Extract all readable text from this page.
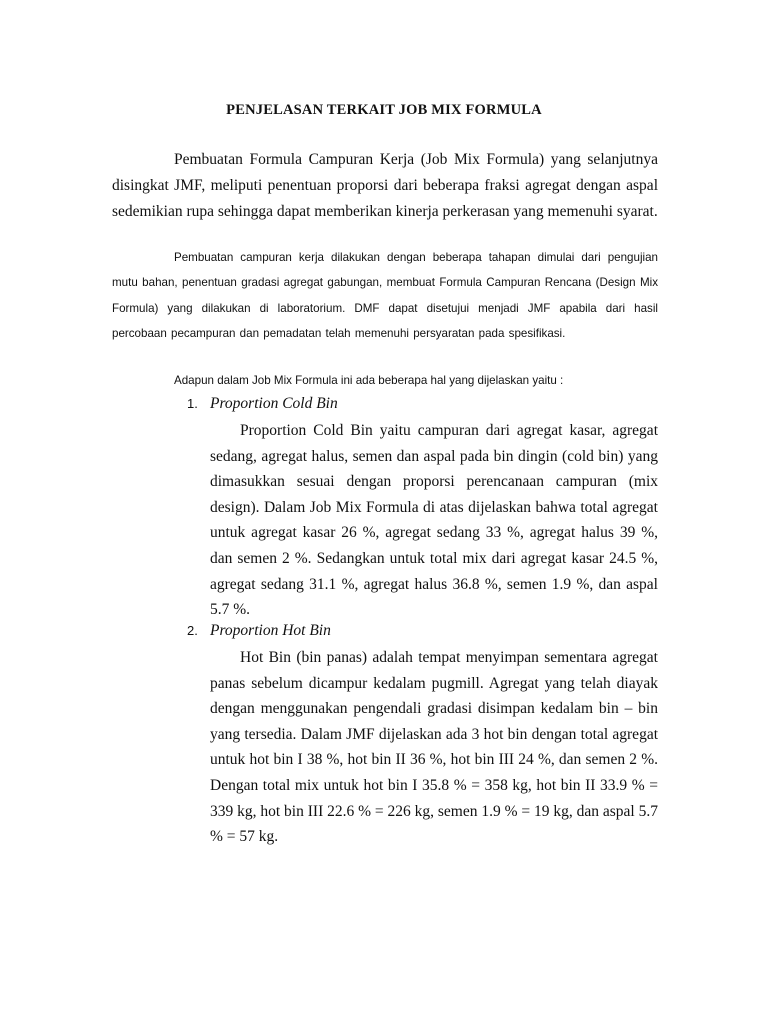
PENJELASAN TERKAIT JOB MIX FORMULA

Pembuatan Formula Campuran Kerja (Job Mix Formula) yang selanjutnya disingkat JMF, meliputi penentuan proporsi dari beberapa fraksi agregat dengan aspal sedemikian rupa sehingga dapat memberikan kinerja perkerasan yang memenuhi syarat.

Pembuatan campuran kerja dilakukan dengan beberapa tahapan dimulai dari pengujian mutu bahan, penentuan gradasi agregat gabungan, membuat Formula Campuran Rencana (Design Mix Formula) yang dilakukan di laboratorium. DMF dapat disetujui menjadi JMF apabila dari hasil percobaan pecampuran dan pemadatan telah memenuhi persyaratan pada spesifikasi.

Adapun dalam Job Mix Formula ini ada beberapa hal yang dijelaskan yaitu :

1. Proportion Cold Bin

Proportion Cold Bin yaitu campuran dari agregat kasar, agregat sedang, agregat halus, semen dan aspal pada bin dingin (cold bin) yang dimasukkan sesuai dengan proporsi perencanaan campuran (mix design). Dalam Job Mix Formula di atas dijelaskan bahwa total agregat untuk agregat kasar 26 %, agregat sedang 33 %, agregat halus 39 %, dan semen 2 %. Sedangkan untuk total mix dari agregat kasar 24.5 %, agregat sedang 31.1 %, agregat halus 36.8 %, semen 1.9 %, dan aspal 5.7 %.

2. Proportion Hot Bin

Hot Bin (bin panas) adalah tempat menyimpan sementara agregat panas sebelum dicampur kedalam pugmill. Agregat yang telah diayak dengan menggunakan pengendali gradasi disimpan kedalam bin – bin yang tersedia. Dalam JMF dijelaskan ada 3 hot bin dengan total agregat untuk hot bin I 38 %, hot bin II 36 %, hot bin III 24 %, dan semen 2 %. Dengan total mix untuk hot bin I 35.8 % = 358 kg, hot bin II 33.9 % = 339 kg, hot bin III 22.6 % = 226 kg, semen 1.9 % = 19 kg, dan aspal 5.7 % = 57 kg.
